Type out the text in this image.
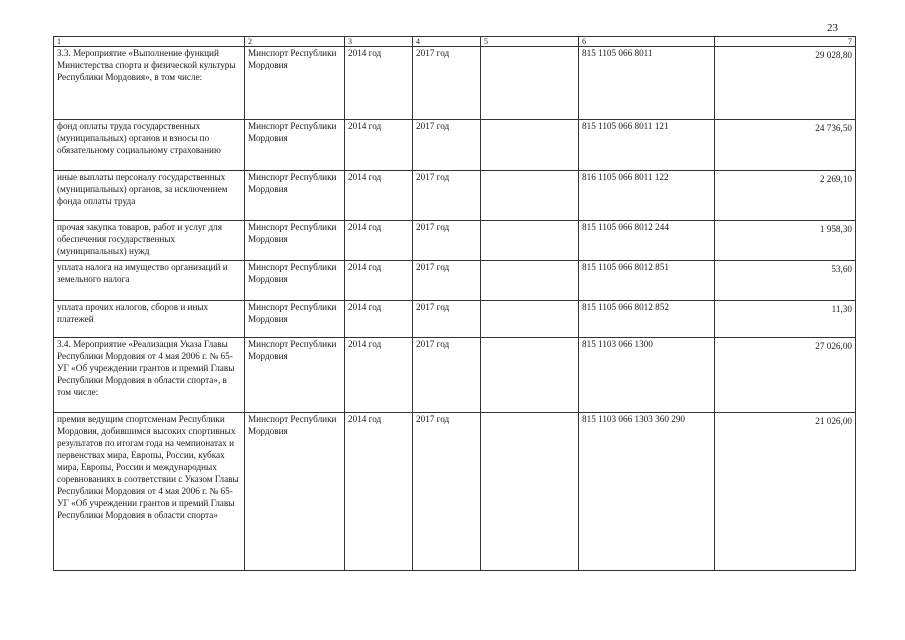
23
1	2	3	4	5	6	7
3.3. Мероприятие «Выполнение функций Министерства спорта и физической культуры Республики Мордовия», в том числе:	Минспорт Республики Мордовия	2014 год	2017 год		815 1105 066 8011	29 028,80

фонд оплаты труда государственных (муниципальных) органов и взносы по обязательному социальному страхованию	Минспорт Республики Мордовия	2014 год	2017 год		815 1105 066 8011 121	24 736,50

иные выплаты персоналу государственных (муниципальных) органов, за исключением фонда оплаты труда	Минспорт Республики Мордовия	2014 год	2017 год		816 1105 066 8011 122	2 269,10

прочая закупка товаров, работ и услуг для обеспечения государственных (муниципальных) нужд	Минспорт Республики Мордовия	2014 год	2017 год		815 1105 066 8012 244	1 958,30

уплата налога на имущество организаций и земельного налога	Минспорт Республики Мордовия	2014 год	2017 год		815 1105 066 8012 851	53,60

уплата прочих налогов, сборов и иных платежей	Минспорт Республики Мордовия	2014 год	2017 год		815 1105 066 8012 852	11,30

3.4. Мероприятие «Реализация Указа Главы Республики Мордовия от 4 мая 2006 г. № 65-УГ «Об учреждении грантов и премий Главы Республики Мордовия в области спорта», в том числе:	Минспорт Республики Мордовия	2014 год	2017 год		815 1103 066 1300	27 026,00

премия ведущим спортсменам Республики Мордовия, добившимся высоких спортивных результатов по итогам года на чемпионатах и первенствах мира, Европы, России, кубках мира, Европы, России и международных соревнованиях в соответствии с Указом Главы Республики Мордовия от 4 мая 2006 г. № 65-УГ «Об учреждении грантов и премий Главы Республики Мордовия в области спорта»	Минспорт Республики Мордовия	2014 год	2017 год		815 1103 066 1303 360 290	21 026,00
